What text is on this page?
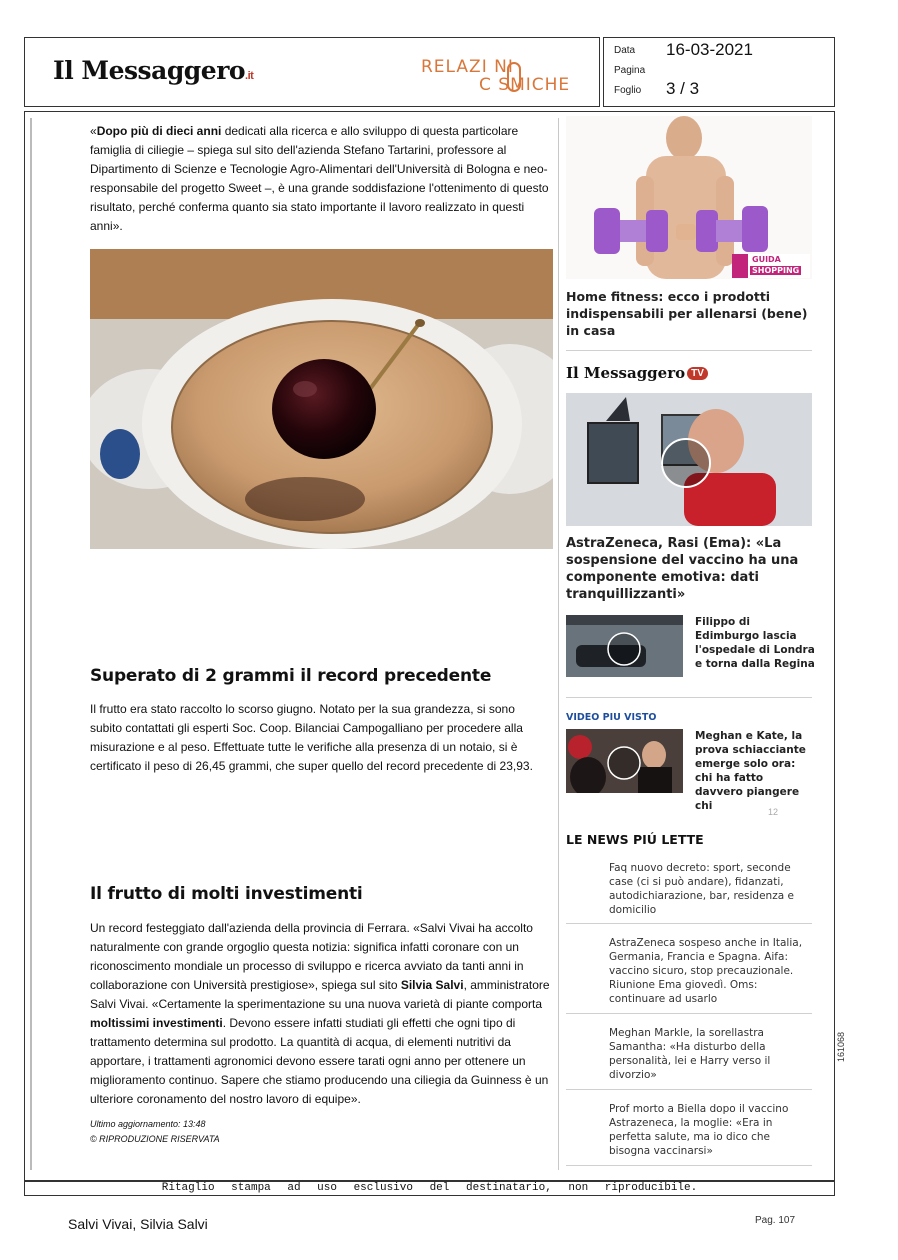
Il Messaggero.it	RELAZI NI
C SMICHE
Data 16-03-2021
Pagina
Foglio 3 / 3
«Dopo più di dieci anni dedicati alla ricerca e allo sviluppo di questa particolare famiglia di ciliegie – spiega sul sito dell'azienda Stefano Tartarini, professore al Dipartimento di Scienze e Tecnologie Agro-Alimentari dell'Università di Bologna e neo-responsabile del progetto Sweet –, è una grande soddisfazione l'ottenimento di questo risultato, perché conferma quanto sia stato importante il lavoro realizzato in questi anni».
Superato di 2 grammi il record precedente
Il frutto era stato raccolto lo scorso giugno. Notato per la sua grandezza, si sono subito contattati gli esperti Soc. Coop. Bilanciai Campogalliano per procedere alla misurazione e al peso. Effettuate tutte le verifiche alla presenza di un notaio, si è certificato il peso di 26,45 grammi, che super quello del record precedente di 23,93.
Il frutto di molti investimenti
Un record festeggiato dall'azienda della provincia di Ferrara. «Salvi Vivai ha accolto naturalmente con grande orgoglio questa notizia: significa infatti coronare con un riconoscimento mondiale un processo di sviluppo e ricerca avviato da tanti anni in collaborazione con Università prestigiose», spiega sul sito Silvia Salvi, amministratore Salvi Vivai. «Certamente la sperimentazione su una nuova varietà di piante comporta moltissimi investimenti. Devono essere infatti studiati gli effetti che ogni tipo di trattamento determina sul prodotto. La quantità di acqua, di elementi nutritivi da apportare, i trattamenti agronomici devono essere tarati ogni anno per ottenere un miglioramento continuo. Sapere che stiamo producendo una ciliegia da Guinness è un ulteriore coronamento del nostro lavoro di equipe».
Ultimo aggiornamento: 13:48
© RIPRODUZIONE RISERVATA
GUIDA
SHOPPING
Home fitness: ecco i prodotti indispensabili per allenarsi (bene) in casa
Il Messaggero TV
AstraZeneca, Rasi (Ema): «La sospensione del vaccino ha una componente emotiva: dati tranquillizzanti»
Filippo di Edimburgo lascia l'ospedale di Londra e torna dalla Regina
VIDEO PIU VISTO
Meghan e Kate, la prova schiacciante emerge solo ora: chi ha fatto davvero piangere chi	12
LE NEWS PIÚ LETTE
Faq nuovo decreto: sport, seconde case (ci si può andare), fidanzati, autodichiarazione, bar, residenza e domicilio
AstraZeneca sospeso anche in Italia, Germania, Francia e Spagna. Aifa: vaccino sicuro, stop precauzionale. Riunione Ema giovedì. Oms: continuare ad usarlo
Meghan Markle, la sorellastra Samantha: «Ha disturbo della personalità, lei e Harry verso il divorzio»
Prof morto a Biella dopo il vaccino Astrazeneca, la moglie: «Era in perfetta salute, ma io dico che bisogna vaccinarsi»
Ritaglio stampa ad uso esclusivo del destinatario, non riproducibile.
Salvi Vivai, Silvia Salvi	Pag. 107
161068
